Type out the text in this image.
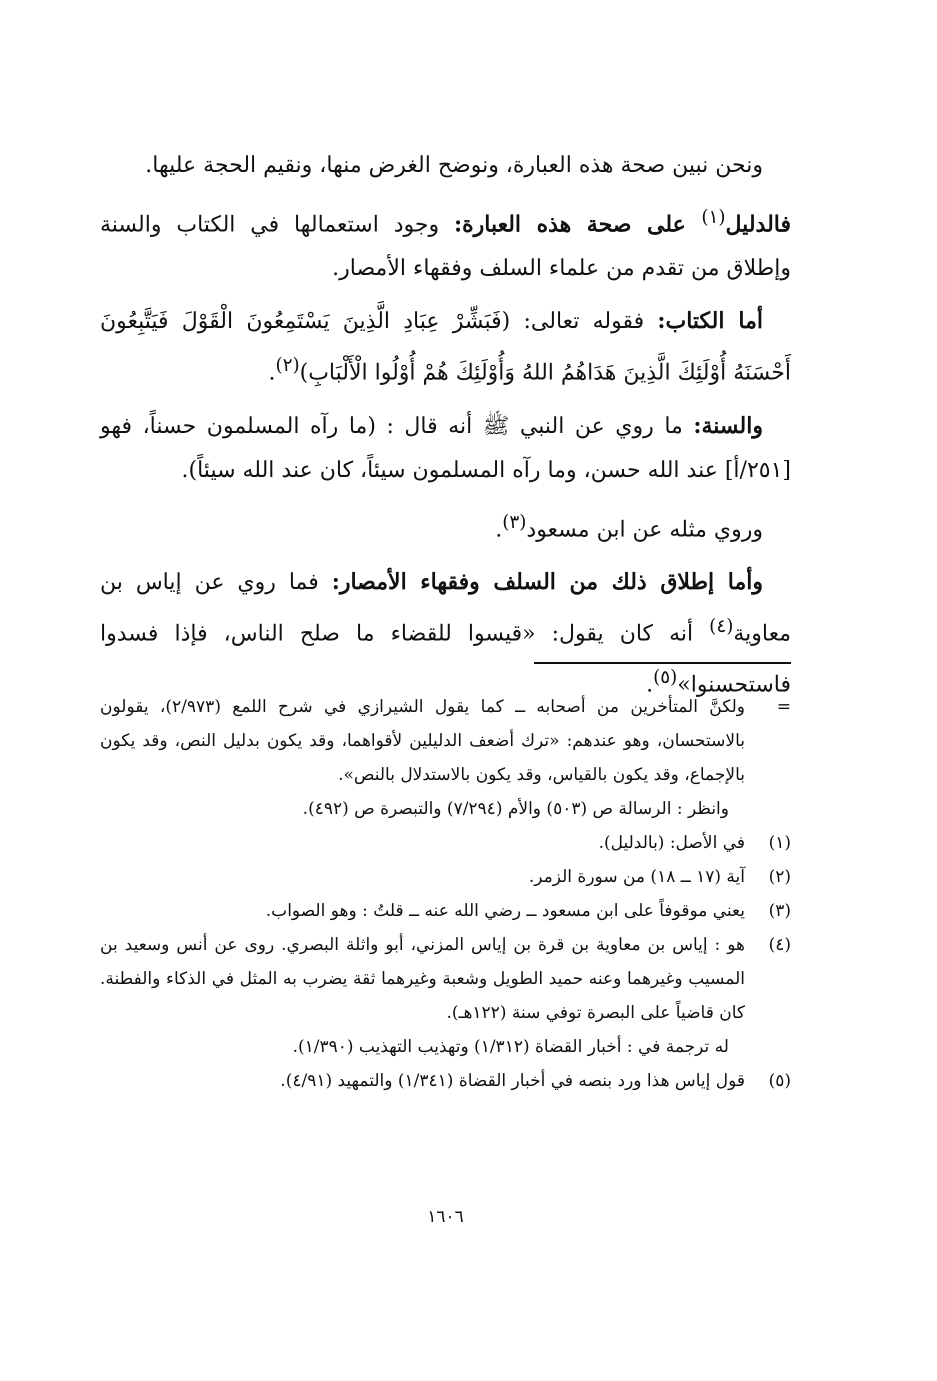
ونحن نبين صحة هذه العبارة، ونوضح الغرض منها، ونقيم الحجة عليها.

فالدليل$^{(١)}$ على صحة هذه العبارة: وجود استعمالها في الكتاب والسنة وإطلاق من تقدم من علماء السلف وفقهاء الأمصار.

أما الكتاب: فقوله تعالى: (فَبَشِّرْ عِبَادِ الَّذِينَ يَسْتَمِعُونَ الْقَوْلَ فَيَتَّبِعُونَ أَحْسَنَهُ أُوْلَئِكَ الَّذِينَ هَدَاهُمُ اللهُ وَأُوْلَئِكَ هُمْ أُوْلُوا الْأَلْبَابِ)$^{(٢)}$.

والسنة: ما روي عن النبي ﷺ أنه قال : (ما رآه المسلمون حسناً، فهو [٢٥١/أ] عند الله حسن، وما رآه المسلمون سيئاً، كان عند الله سيئاً).

وروي مثله عن ابن مسعود$^{(٣)}$.

وأما إطلاق ذلك من السلف وفقهاء الأمصار: فما روي عن إياس بن معاوية$^{(٤)}$ أنه كان يقول: «قيسوا للقضاء ما صلح الناس، فإذا فسدوا فاستحسنوا»$^{(٥)}$.

=
ولكنَّ المتأخرين من أصحابه ــ كما يقول الشيرازي في شرح اللمع (٢/٩٧٣)، يقولون بالاستحسان، وهو عندهم: «ترك أضعف الدليلين لأقواهما، وقد يكون بدليل النص، وقد يكون بالإجماع، وقد يكون بالقياس، وقد يكون بالاستدلال بالنص».
وانظر : الرسالة ص (٥٠٣) والأم (٧/٢٩٤) والتبصرة ص (٤٩٢).
(١)
في الأصل: (بالدليل).
(٢)
آية (١٧ ــ ١٨) من سورة الزمر.
(٣)
يعني موقوفاً على ابن مسعود ــ رضي الله عنه ــ قلتُ : وهو الصواب.
(٤)
هو : إياس بن معاوية بن قرة بن إياس المزني، أبو واثلة البصري. روى عن أنس وسعيد بن المسيب وغيرهما وعنه حميد الطويل وشعبة وغيرهما ثقة يضرب به المثل في الذكاء والفطنة. كان قاضياً على البصرة توفي سنة (١٢٢هـ).
له ترجمة في : أخبار القضاة (١/٣١٢) وتهذيب التهذيب (١/٣٩٠).
(٥)
قول إياس هذا ورد بنصه في أخبار القضاة (١/٣٤١) والتمهيد (٤/٩١).
١٦٠٦
